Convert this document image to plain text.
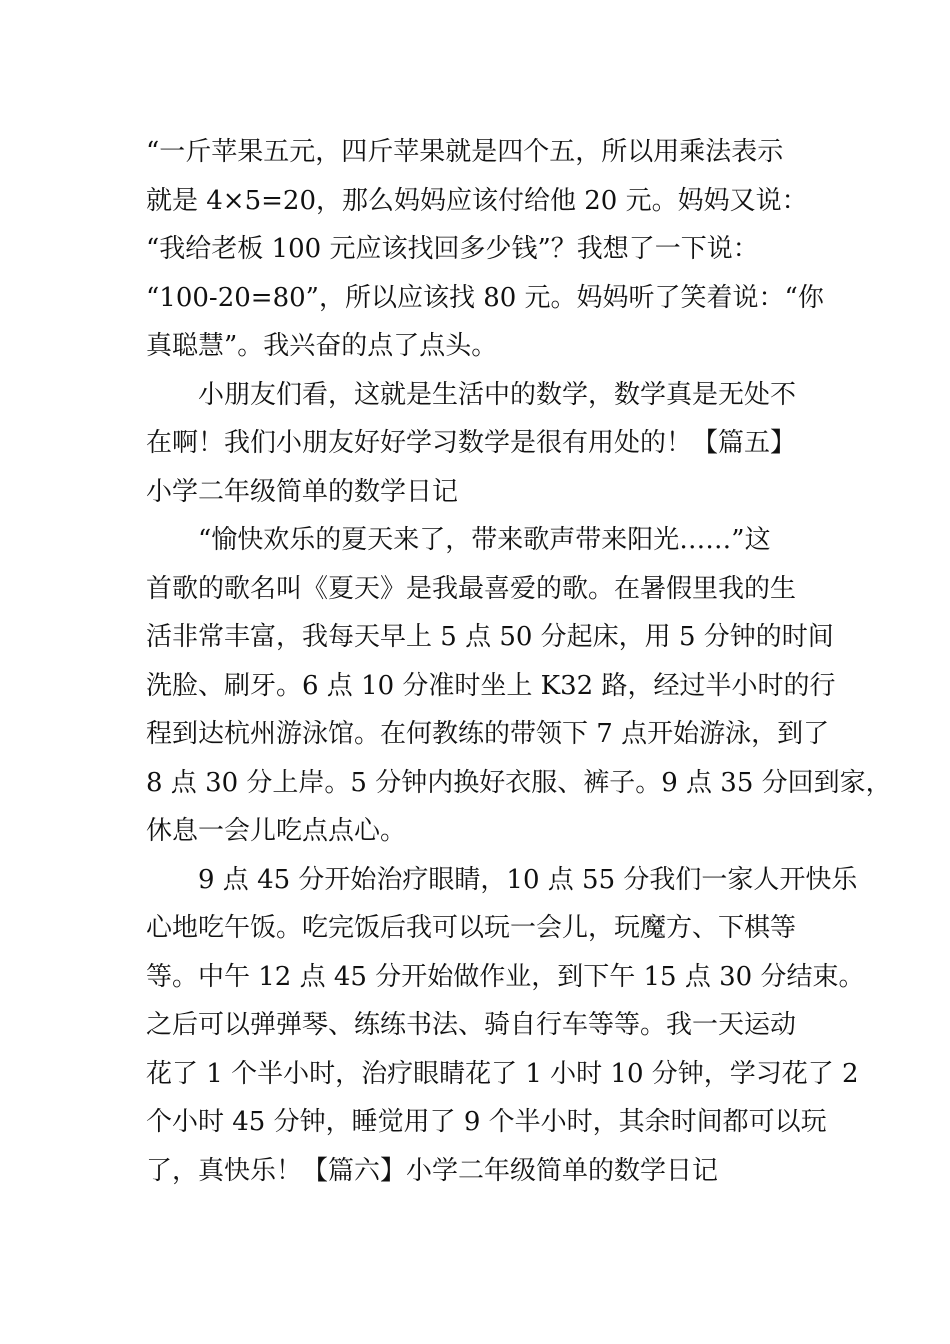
“一斤苹果五元，四斤苹果就是四个五，所以用乘法表示
就是 4×5=20，那么妈妈应该付给他 20 元。妈妈又说：
“我给老板 100 元应该找回多少钱”？我想了一下说：
“100-20=80”，所以应该找 80 元。妈妈听了笑着说：“你
真聪慧”。我兴奋的点了点头。
小朋友们看，这就是生活中的数学，数学真是无处不
在啊！我们小朋友好好学习数学是很有用处的！【篇五】
小学二年级简单的数学日记
“愉快欢乐的夏天来了，带来歌声带来阳光……”这
首歌的歌名叫《夏天》是我最喜爱的歌。在暑假里我的生
活非常丰富，我每天早上 5 点 50 分起床，用 5 分钟的时间
洗脸、刷牙。6 点 10 分准时坐上 K32 路，经过半小时的行
程到达杭州游泳馆。在何教练的带领下 7 点开始游泳，到了
8 点 30 分上岸。5 分钟内换好衣服、裤子。9 点 35 分回到家，
休息一会儿吃点点心。
9 点 45 分开始治疗眼睛，10 点 55 分我们一家人开快乐
心地吃午饭。吃完饭后我可以玩一会儿，玩魔方、下棋等
等。中午 12 点 45 分开始做作业，到下午 15 点 30 分结束。
之后可以弹弹琴、练练书法、骑自行车等等。我一天运动
花了 1 个半小时，治疗眼睛花了 1 小时 10 分钟，学习花了 2
个小时 45 分钟，睡觉用了 9 个半小时，其余时间都可以玩
了，真快乐！【篇六】小学二年级简单的数学日记
